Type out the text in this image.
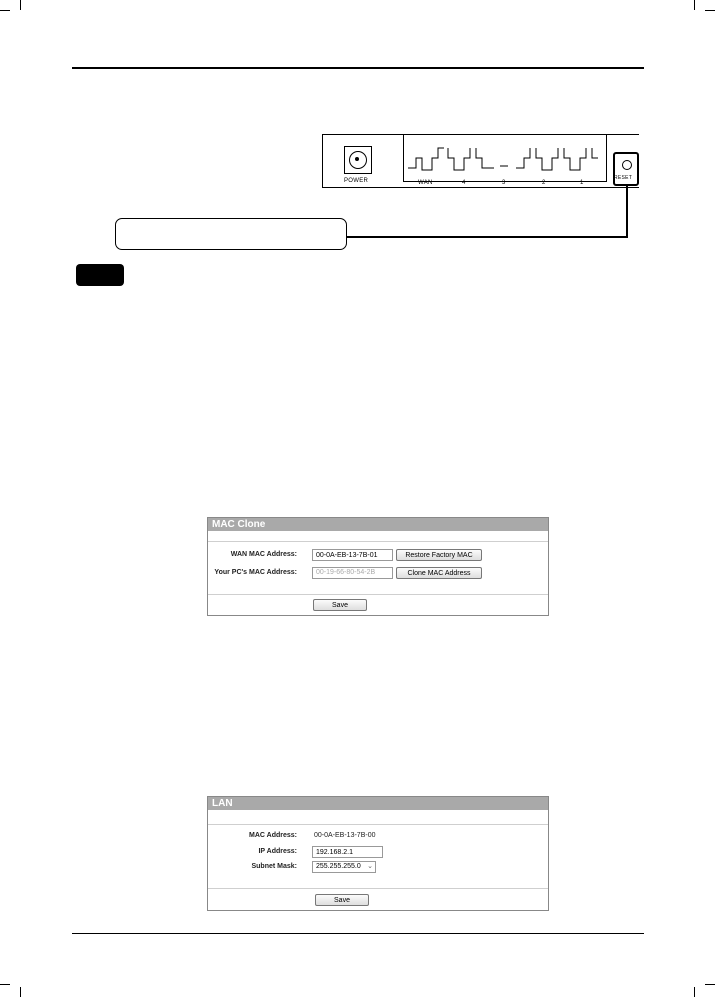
POWER	WAN	4	3	2	1
RESET
MAC Clone
WAN MAC Address:
00-0A-EB-13-7B-01	Restore Factory MAC
Your PC's MAC Address:	00-19-66-80-54-2B	Clone MAC Address
Save
LAN
MAC Address: 00-0A-EB-13-7B-00
IP Address:
192.168.2.1
Subnet Mask:	255.255.255.0 ⌄
Save
